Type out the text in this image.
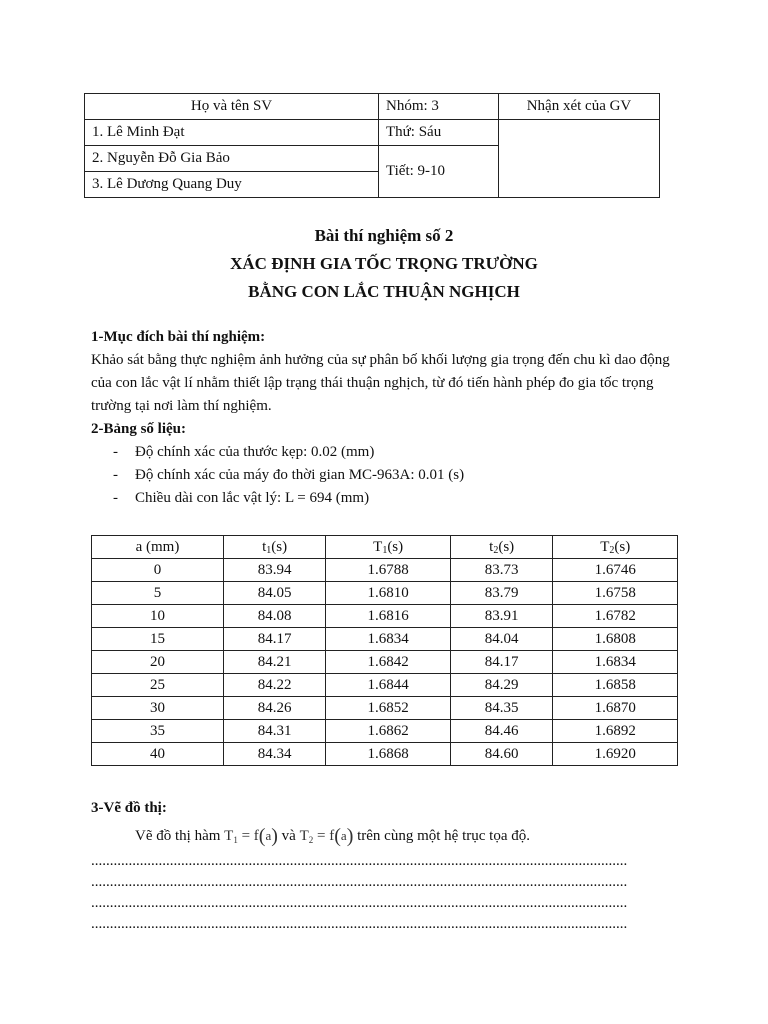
Họ và tên SV	Nhóm: 3	Nhận xét của GV
1. Lê Minh Đạt	Thứ: Sáu	
2. Nguyễn Đỗ Gia Bảo	Tiết: 9-10	
3. Lê Dương Quang Duy		
Bài thí nghiệm số 2
XÁC ĐỊNH GIA TỐC TRỌNG TRƯỜNG
BẰNG CON LẮC THUẬN NGHỊCH
1-Mục đích bài thí nghiệm:
Khảo sát bằng thực nghiệm ảnh hưởng của sự phân bố khối lượng gia trọng đến chu kì dao động của con lắc vật lí nhằm thiết lập trạng thái thuận nghịch, từ đó tiến hành phép đo gia tốc trọng trường tại nơi làm thí nghiệm.
2-Bảng số liệu:
- Độ chính xác của thước kẹp: 0.02 (mm)
- Độ chính xác của máy đo thời gian MC-963A: 0.01 (s)
- Chiều dài con lắc vật lý: L = 694 (mm)
a (mm)	$t_1(s)$	$T_1(s)$	$t_2(s)$	$T_2(s)$
0	83.94	1.6788	83.73	1.6746
5	84.05	1.6810	83.79	1.6758
10	84.08	1.6816	83.91	1.6782
15	84.17	1.6834	84.04	1.6808
20	84.21	1.6842	84.17	1.6834
25	84.22	1.6844	84.29	1.6858
30	84.26	1.6852	84.35	1.6870
35	84.31	1.6862	84.46	1.6892
40	84.34	1.6868	84.60	1.6920
3-Vẽ đồ thị:
Vẽ đồ thị hàm $T_1 = f(a)$ và $T_2 = f(a)$ trên cùng một hệ trục tọa độ.
...............................................................................................................................................
...............................................................................................................................................
...............................................................................................................................................
...............................................................................................................................................
